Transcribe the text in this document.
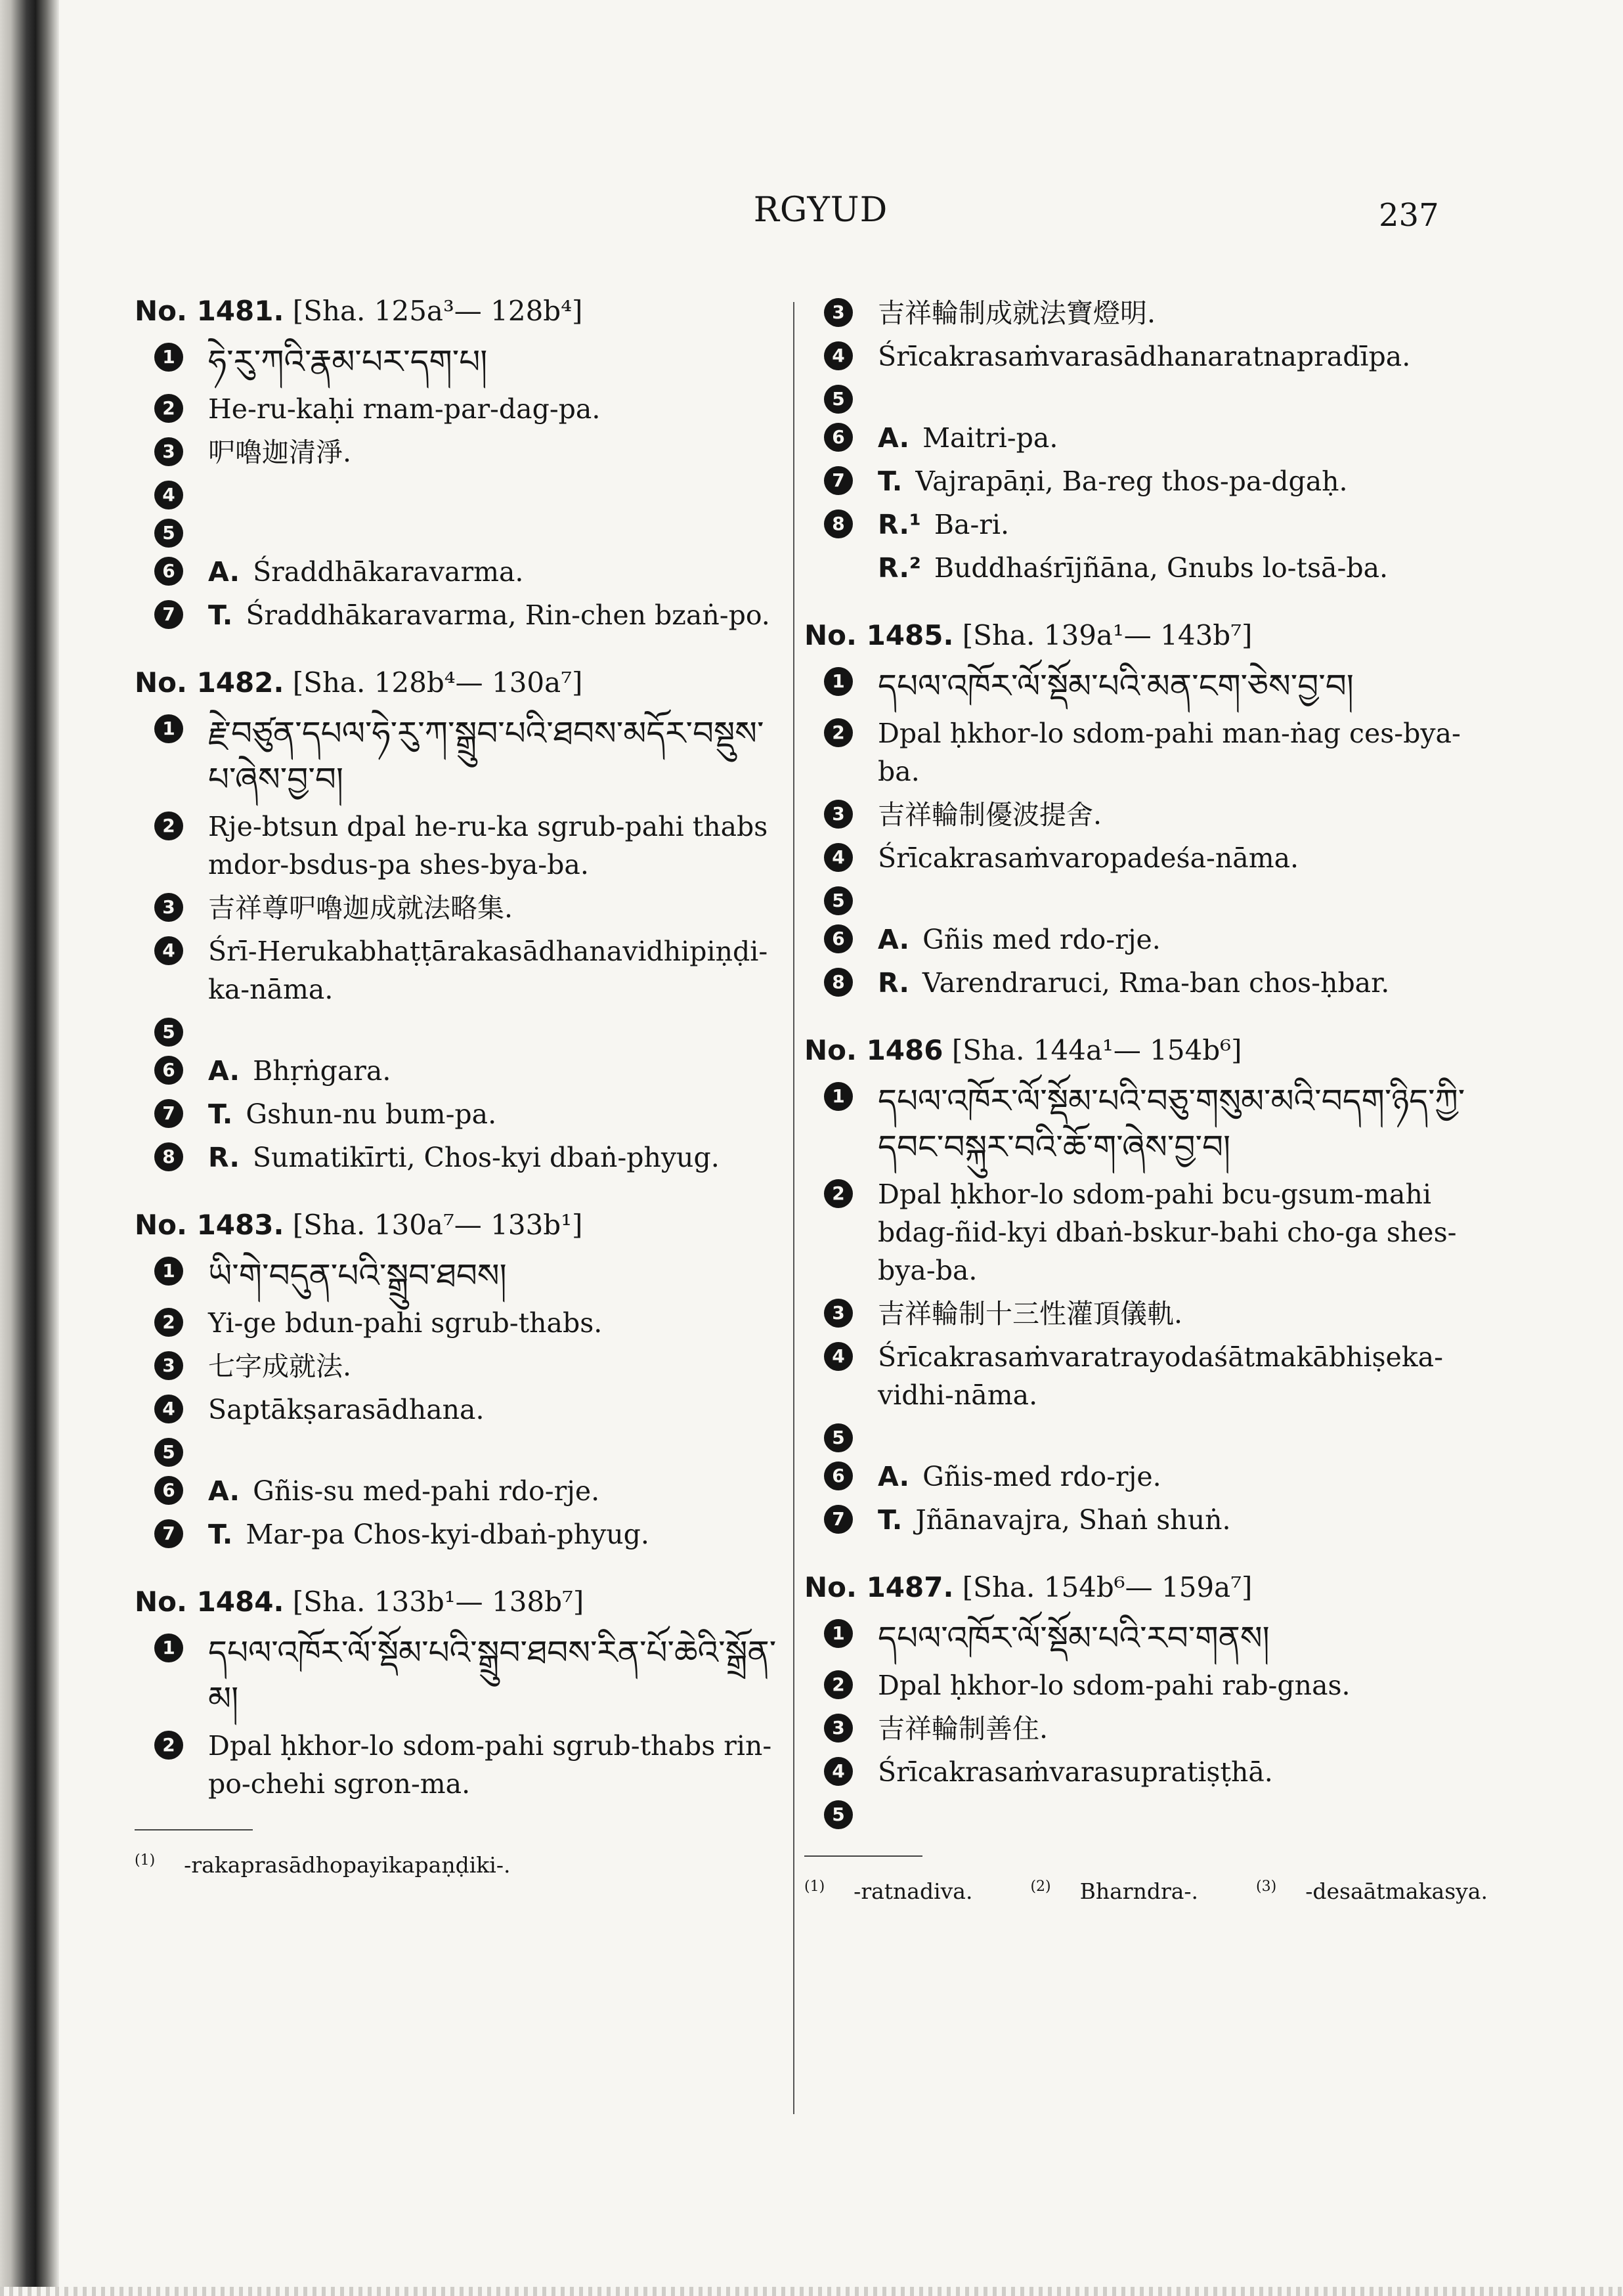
RGYUD	237
No. 1481. [Sha. 125a³— 128b⁴]
1 ཧེ་རུ་ཀའི་རྣམ་པར་དག་པ།
2 He-ru-kaḥi rnam-par-dag-pa.
3 㕧嚕迦清淨.
4
5
6 A. Śraddhākaravarma.
7 T. Śraddhākaravarma, Rin-chen bzaṅ-po.
No. 1482. [Sha. 128b⁴— 130a⁷]
1 རྗེ་བཙུན་དཔལ་ཧེ་རུ་ཀ་སྒྲུབ་པའི་ཐབས་མདོར་བསྡུས་པ་ཞེས་བྱ་བ།
2 Rje-btsun dpal he-ru-ka sgrub-pahi thabs mdor-bsdus-pa shes-bya-ba.
3 吉祥尊㕧嚕迦成就法略集.
4 Śrī-Herukabhaṭṭārakasādhanavidhipiṇḍi-ka-nāma.
5
6 A. Bhṛṅgara.
7 T. Gshun-nu bum-pa.
8 R. Sumatikīrti, Chos-kyi dbaṅ-phyug.
No. 1483. [Sha. 130a⁷— 133b¹]
1 ཡི་གེ་བདུན་པའི་སྒྲུབ་ཐབས།
2 Yi-ge bdun-pahi sgrub-thabs.
3 七字成就法.
4 Saptākṣarasādhana.
5
6 A. Gñis-su med-pahi rdo-rje.
7 T. Mar-pa Chos-kyi-dbaṅ-phyug.
No. 1484. [Sha. 133b¹— 138b⁷]
1 དཔལ་འཁོར་ལོ་སྡོམ་པའི་སྒྲུབ་ཐབས་རིན་པོ་ཆེའི་སྒྲོན་མ།
2 Dpal ḥkhor-lo sdom-pahi sgrub-thabs rin-po-chehi sgron-ma.
$^{(1)}$ -rakaprasādhopayikapaṇḍiki-.
3 吉祥輪制成就法寶燈明.
4 Śrīcakrasaṁvarasādhanaratnapradīpa.
5
6 A. Maitri-pa.
7 T. Vajrapāṇi, Ba-reg thos-pa-dgaḥ.
8 R.¹ Ba-ri.
R.² Buddhaśrījñāna, Gnubs lo-tsā-ba.
No. 1485. [Sha. 139a¹— 143b⁷]
1 དཔལ་འཁོར་ལོ་སྡོམ་པའི་མན་ངག་ཅེས་བྱ་བ།
2 Dpal ḥkhor-lo sdom-pahi man-ṅag ces-bya-ba.
3 吉祥輪制優波提舍.
4 Śrīcakrasaṁvaropadeśa-nāma.
5
6 A. Gñis med rdo-rje.
8 R. Varendraruci, Rma-ban chos-ḥbar.
No. 1486 [Sha. 144a¹— 154b⁶]
1 དཔལ་འཁོར་ལོ་སྡོམ་པའི་བཅུ་གསུམ་མའི་བདག་ཉིད་ཀྱི་དབང་བསྐུར་བའི་ཆོ་ག་ཞེས་བྱ་བ།
2 Dpal ḥkhor-lo sdom-pahi bcu-gsum-mahi bdag-ñid-kyi dbaṅ-bskur-bahi cho-ga shes-bya-ba.
3 吉祥輪制十三性灌頂儀軌.
4 Śrīcakrasaṁvaratrayodaśātmakābhiṣeka-vidhi-nāma.
5
6 A. Gñis-med rdo-rje.
7 T. Jñānavajra, Shaṅ shuṅ.
No. 1487. [Sha. 154b⁶— 159a⁷]
1 དཔལ་འཁོར་ལོ་སྡོམ་པའི་རབ་གནས།
2 Dpal ḥkhor-lo sdom-pahi rab-gnas.
3 吉祥輪制善住.
4 Śrīcakrasaṁvarasupratiṣṭhā.
5
$^{(1)}$ -ratnadiva.	$^{(2)}$ Bharndra-.	$^{(3)}$ -desaātmakasya.
